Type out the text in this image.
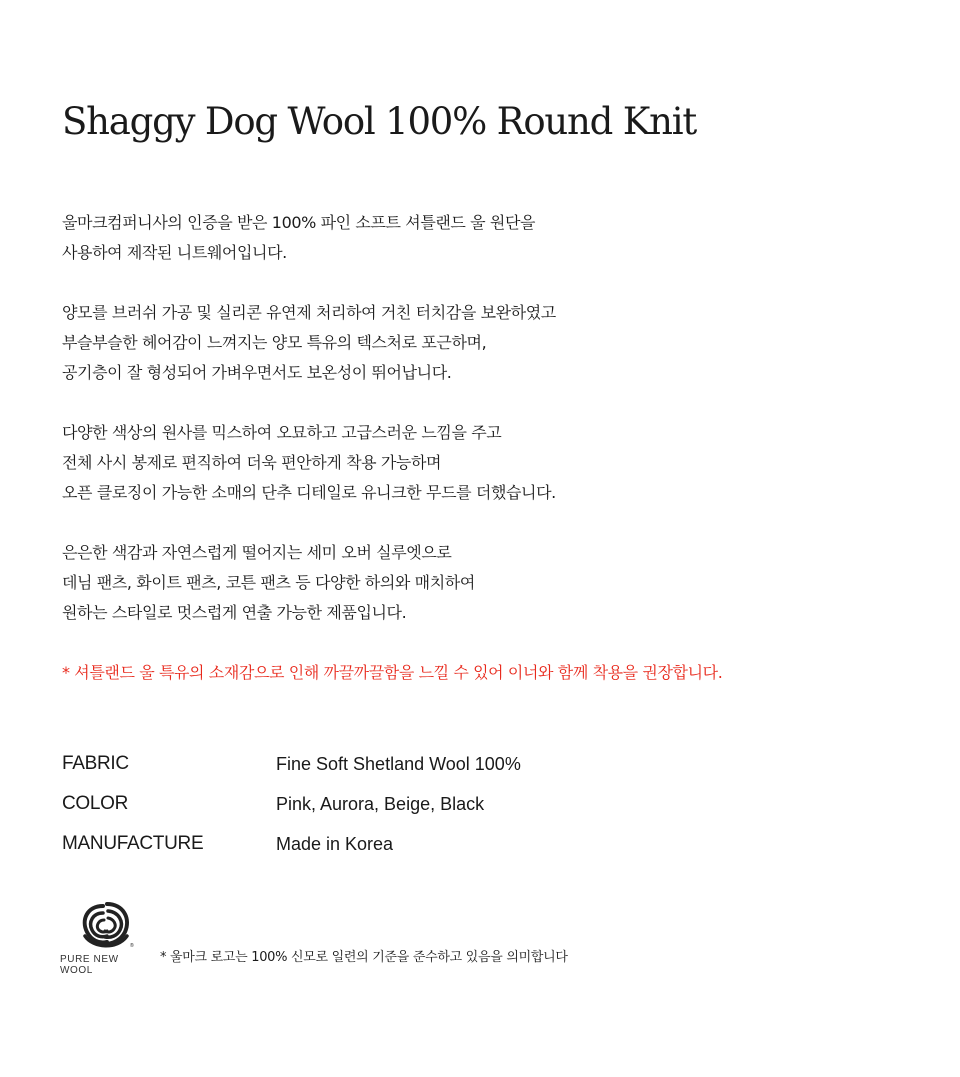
Shaggy Dog Wool 100% Round Knit

울마크컴퍼니사의 인증을 받은 100% 파인 소프트 셔틀랜드 울 원단을
사용하여 제작된 니트웨어입니다.

양모를 브러쉬 가공 및 실리콘 유연제 처리하여 거친 터치감을 보완하였고
부슬부슬한 헤어감이 느껴지는 양모 특유의 텍스처로 포근하며,
공기층이 잘 형성되어 가벼우면서도 보온성이 뛰어납니다.

다양한 색상의 원사를 믹스하여 오묘하고 고급스러운 느낌을 주고
전체 사시 봉제로 편직하여 더욱 편안하게 착용 가능하며
오픈 클로징이 가능한 소매의 단추 디테일로 유니크한 무드를 더했습니다.

은은한 색감과 자연스럽게 떨어지는 세미 오버 실루엣으로
데님 팬츠, 화이트 팬츠, 코튼 팬츠 등 다양한 하의와 매치하여
원하는 스타일로 멋스럽게 연출 가능한 제품입니다.

* 셔틀랜드 울 특유의 소재감으로 인해 까끌까끌함을 느낄 수 있어 이너와 함께 착용을 권장합니다.
FABRIC	Fine Soft Shetland Wool 100%
COLOR	Pink, Aurora, Beige, Black
MANUFACTURE	Made in Korea
®
PURE NEW WOOL
* 울마크 로고는 100% 신모로 일련의 기준을 준수하고 있음을 의미합니다
